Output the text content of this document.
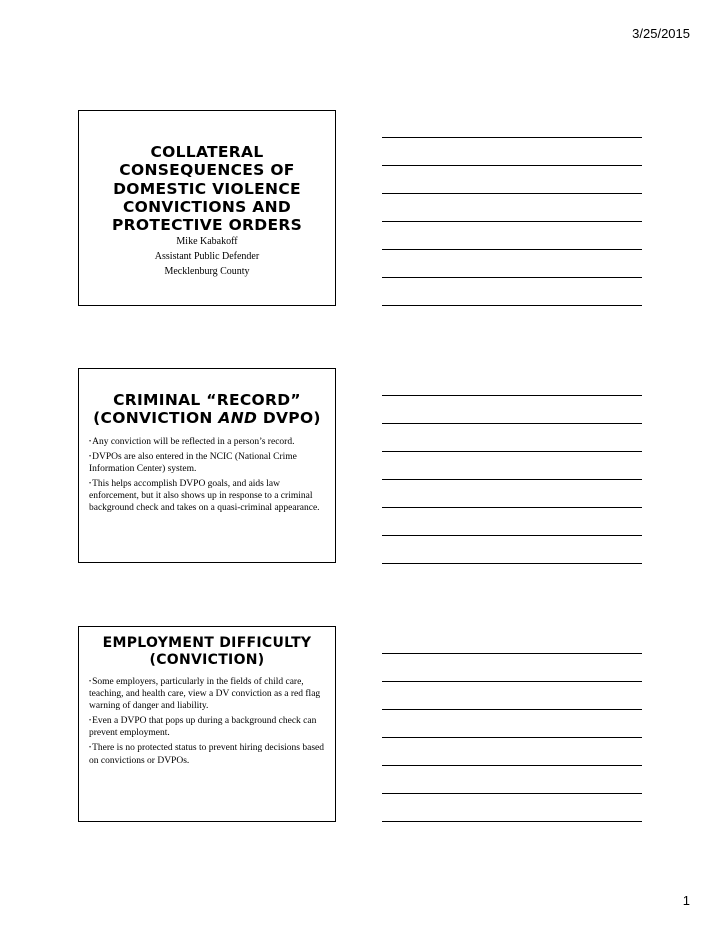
3/25/2015

COLLATERAL CONSEQUENCES OF DOMESTIC VIOLENCE CONVICTIONS AND PROTECTIVE ORDERS

Mike Kabakoff
Assistant Public Defender
Mecklenburg County

CRIMINAL “RECORD”
(CONVICTION AND DVPO)

•Any conviction will be reflected in a person’s record.
•DVPOs are also entered in the NCIC (National Crime Information Center) system.
•This helps accomplish DVPO goals, and aids law enforcement, but it also shows up in response to a criminal background check and takes on a quasi-criminal appearance.

EMPLOYMENT DIFFICULTY (CONVICTION)

•Some employers, particularly in the fields of child care, teaching, and health care, view a DV conviction as a red flag warning of danger and liability.
•Even a DVPO that pops up during a background check can prevent employment.
•There is no protected status to prevent hiring decisions based on convictions or DVPOs.
1
